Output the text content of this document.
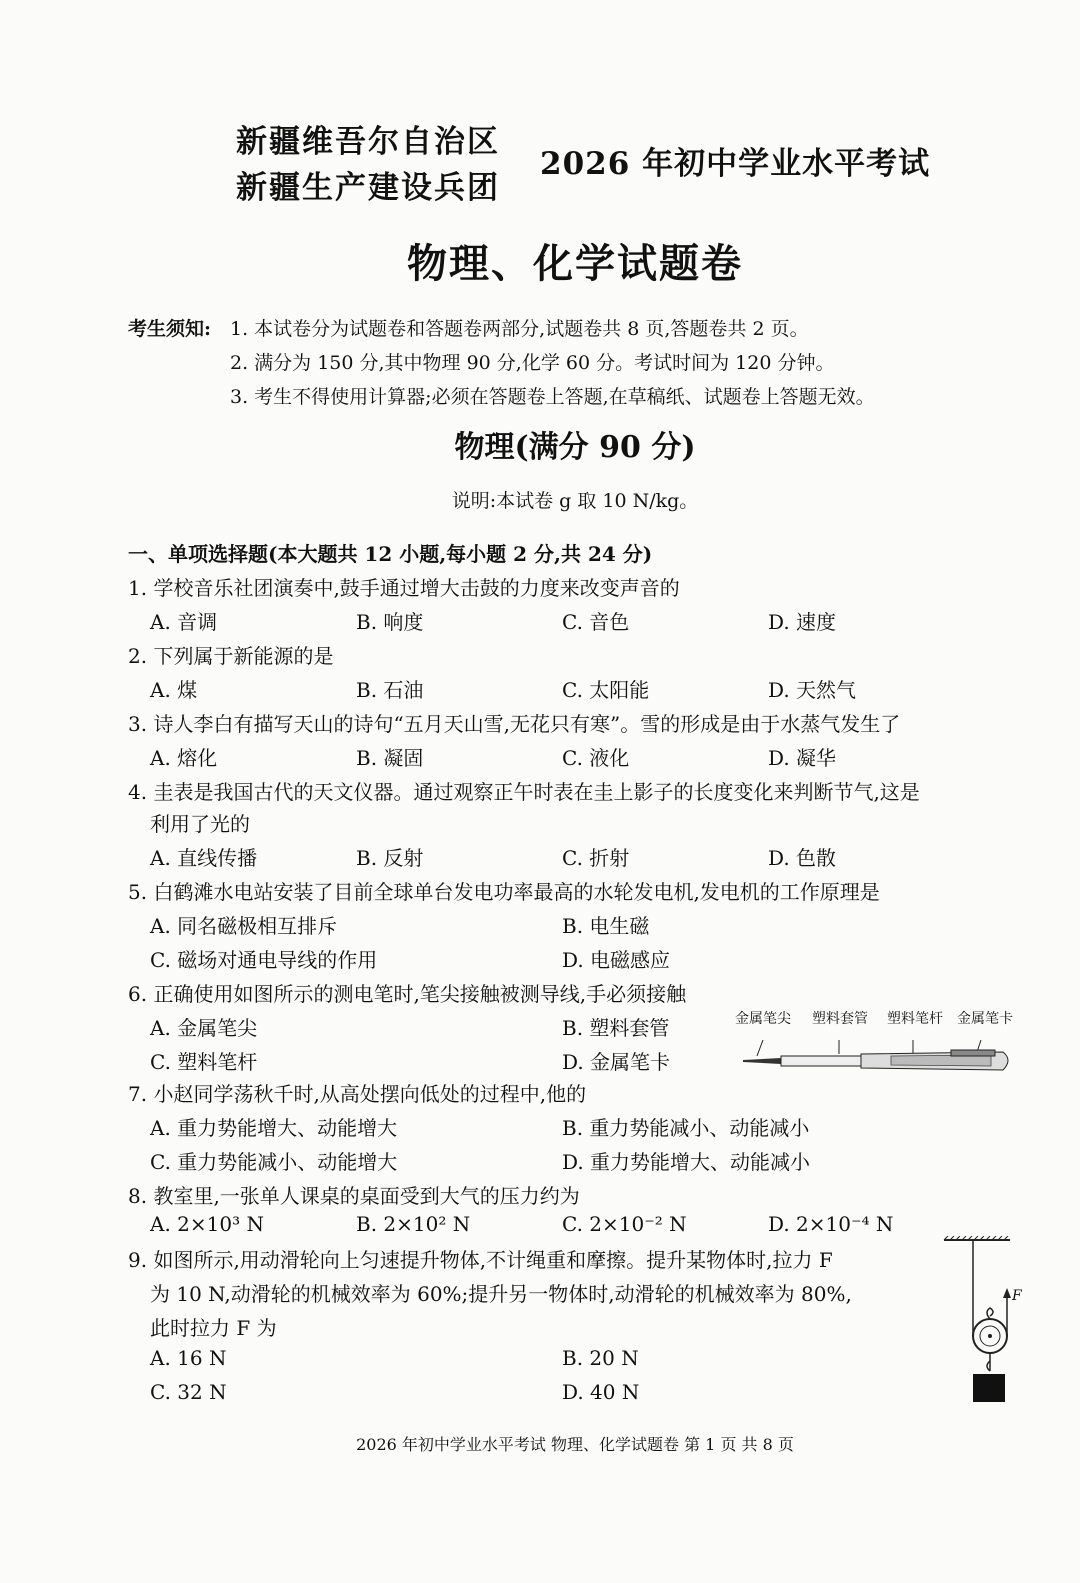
新疆维吾尔自治区
新疆生产建设兵团
2026 年初中学业水平考试
物理、化学试题卷
考生须知: 1. 本试卷分为试题卷和答题卷两部分,试题卷共 8 页,答题卷共 2 页。
2. 满分为 150 分,其中物理 90 分,化学 60 分。考试时间为 120 分钟。
3. 考生不得使用计算器;必须在答题卷上答题,在草稿纸、试题卷上答题无效。
物理(满分 90 分)
说明:本试卷 g 取 10 N/kg。
一、单项选择题(本大题共 12 小题,每小题 2 分,共 24 分)
1. 学校音乐社团演奏中,鼓手通过增大击鼓的力度来改变声音的
A. 音调	B. 响度	C. 音色	D. 速度
2. 下列属于新能源的是
A. 煤	B. 石油	C. 太阳能	D. 天然气
3. 诗人李白有描写天山的诗句“五月天山雪,无花只有寒”。雪的形成是由于水蒸气发生了
A. 熔化	B. 凝固	C. 液化	D. 凝华
4. 圭表是我国古代的天文仪器。通过观察正午时表在圭上影子的长度变化来判断节气,这是
利用了光的
A. 直线传播	B. 反射	C. 折射	D. 色散
5. 白鹤滩水电站安装了目前全球单台发电功率最高的水轮发电机,发电机的工作原理是
A. 同名磁极相互排斥	B. 电生磁
C. 磁场对通电导线的作用	D. 电磁感应
6. 正确使用如图所示的测电笔时,笔尖接触被测导线,手必须接触
A. 金属笔尖	B. 塑料套管
C. 塑料笔杆	D. 金属笔卡
金属笔尖 塑料套管 塑料笔杆 金属笔卡
7. 小赵同学荡秋千时,从高处摆向低处的过程中,他的
A. 重力势能增大、动能增大	B. 重力势能减小、动能减小
C. 重力势能减小、动能增大	D. 重力势能增大、动能减小
8. 教室里,一张单人课桌的桌面受到大气的压力约为
A. 2×10³ N	B. 2×10² N	C. 2×10⁻² N	D. 2×10⁻⁴ N
9. 如图所示,用动滑轮向上匀速提升物体,不计绳重和摩擦。提升某物体时,拉力 F
为 10 N,动滑轮的机械效率为 60%;提升另一物体时,动滑轮的机械效率为 80%,
此时拉力 F 为
A. 16 N	B. 20 N
C. 32 N	D. 40 N
F
2026 年初中学业水平考试 物理、化学试题卷 第 1 页 共 8 页
